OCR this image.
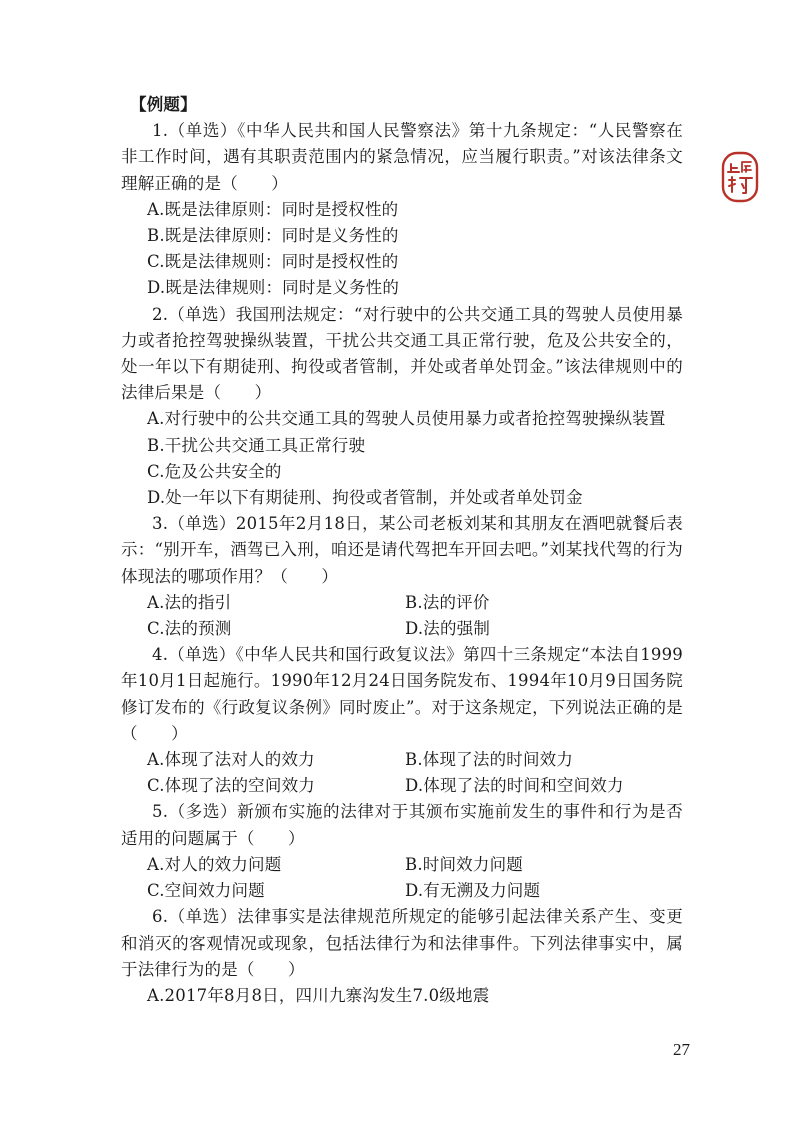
【例题】

1.（单选）《中华人民共和国人民警察法》第十九条规定：“人民警察在非工作时间，遇有其职责范围内的紧急情况，应当履行职责。”对该法律条文理解正确的是（　　）

A.既是法律原则：同时是授权性的

B.既是法律原则：同时是义务性的

C.既是法律规则：同时是授权性的

D.既是法律规则：同时是义务性的

2.（单选）我国刑法规定：“对行驶中的公共交通工具的驾驶人员使用暴力或者抢控驾驶操纵装置，干扰公共交通工具正常行驶，危及公共安全的，处一年以下有期徒刑、拘役或者管制，并处或者单处罚金。”该法律规则中的法律后果是（　　）

A.对行驶中的公共交通工具的驾驶人员使用暴力或者抢控驾驶操纵装置

B.干扰公共交通工具正常行驶

C.危及公共安全的

D.处一年以下有期徒刑、拘役或者管制，并处或者单处罚金

3.（单选）2015年2月18日，某公司老板刘某和其朋友在酒吧就餐后表示：“别开车，酒驾已入刑，咱还是请代驾把车开回去吧。”刘某找代驾的行为体现法的哪项作用？（　　）

A.法的指引	B.法的评价
C.法的预测	D.法的强制

4.（单选）《中华人民共和国行政复议法》第四十三条规定“本法自1999年10月1日起施行。1990年12月24日国务院发布、1994年10月9日国务院修订发布的《行政复议条例》同时废止”。对于这条规定，下列说法正确的是（　　）

A.体现了法对人的效力	B.体现了法的时间效力
C.体现了法的空间效力	D.体现了法的时间和空间效力

5.（多选）新颁布实施的法律对于其颁布实施前发生的事件和行为是否适用的问题属于（　　）

A.对人的效力问题	B.时间效力问题
C.空间效力问题	D.有无溯及力问题

6.（单选）法律事实是法律规范所规定的能够引起法律关系产生、变更和消灭的客观情况或现象，包括法律行为和法律事件。下列法律事实中，属于法律行为的是（　　）

A.2017年8月8日，四川九寨沟发生7.0级地震

27
